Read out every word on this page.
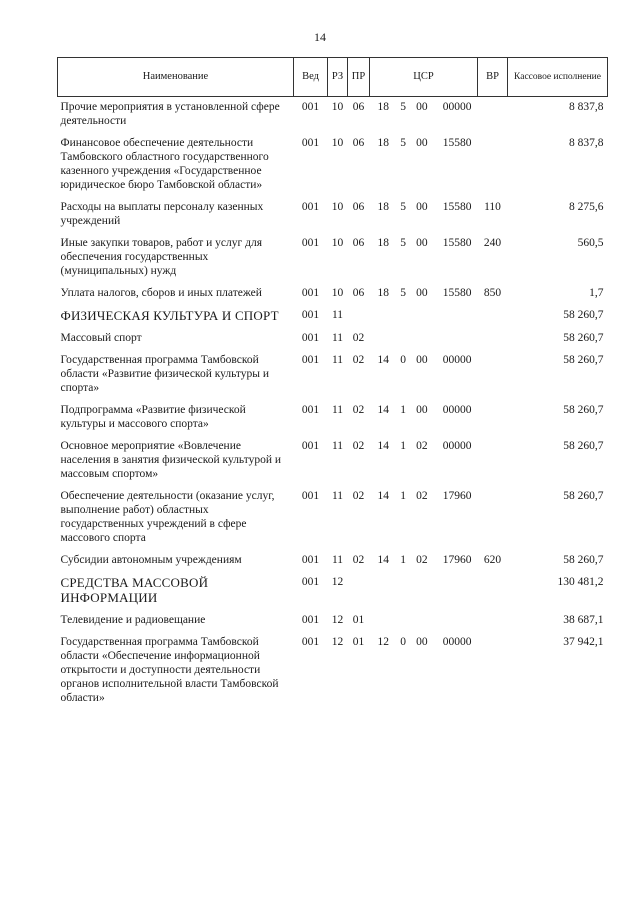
14
Наименование	Вед	РЗ	ПР	ЦСР	ВР	Кассовое исполнение
Прочие мероприятия в установленной сфере деятельности	001	10	06	18 5 00 00000		8 837,8
Финансовое обеспечение деятельности Тамбовского областного государственного казенного учреждения «Государственное юридическое бюро Тамбовской области»	001	10	06	18 5 00 15580		8 837,8
Расходы на выплаты персоналу казенных учреждений	001	10	06	18 5 00 15580	110	8 275,6
Иные закупки товаров, работ и услуг для обеспечения государственных (муниципальных) нужд	001	10	06	18 5 00 15580	240	560,5
Уплата налогов, сборов и иных платежей	001	10	06	18 5 00 15580	850	1,7
ФИЗИЧЕСКАЯ КУЛЬТУРА И СПОРТ	001	11				58 260,7
Массовый спорт	001	11	02			58 260,7
Государственная программа Тамбовской области «Развитие физической культуры и спорта»	001	11	02	14 0 00 00000		58 260,7
Подпрограмма «Развитие физической культуры и массового спорта»	001	11	02	14 1 00 00000		58 260,7
Основное мероприятие «Вовлечение населения в занятия физической культурой и массовым спортом»	001	11	02	14 1 02 00000		58 260,7
Обеспечение деятельности (оказание услуг, выполнение работ) областных государственных учреждений в сфере массового спорта	001	11	02	14 1 02 17960		58 260,7
Субсидии автономным учреждениям	001	11	02	14 1 02 17960	620	58 260,7
СРЕДСТВА МАССОВОЙ ИНФОРМАЦИИ	001	12				130 481,2
Телевидение и радиовещание	001	12	01			38 687,1
Государственная программа Тамбовской области «Обеспечение информационной открытости и доступности деятельности органов исполнительной власти Тамбовской области»	001	12	01	12 0 00 00000		37 942,1
